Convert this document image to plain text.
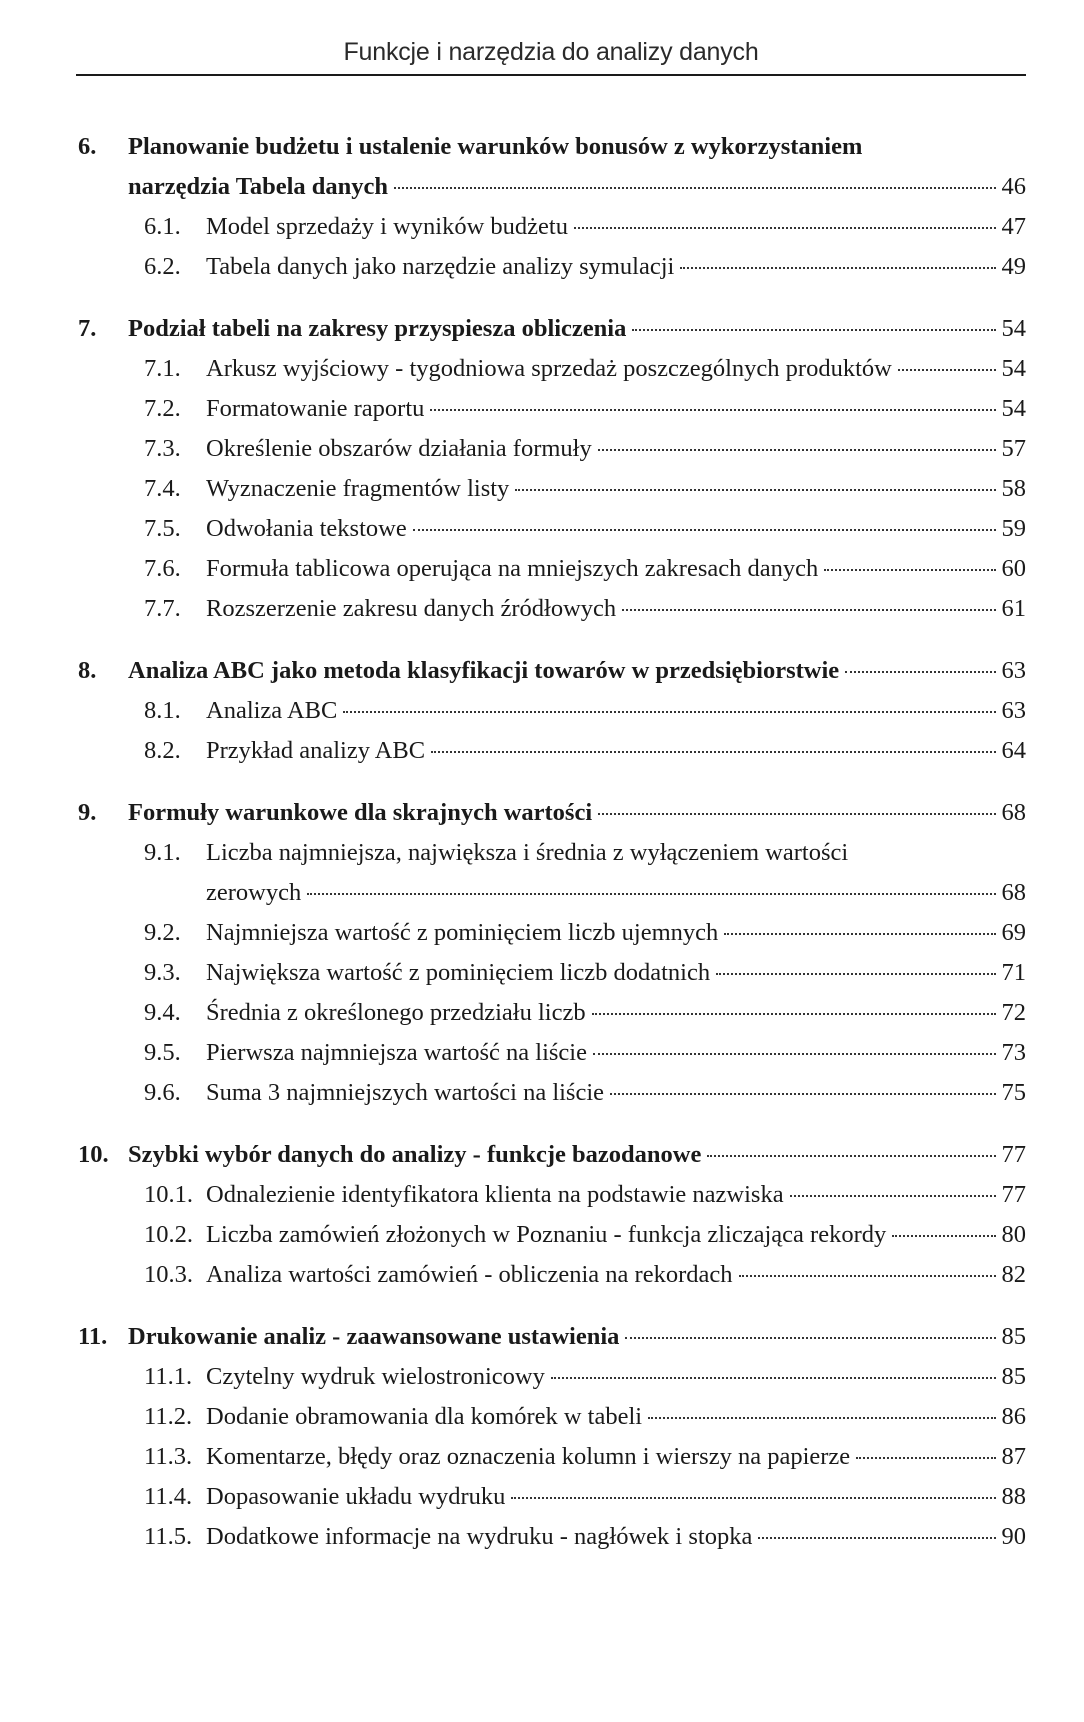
Funkcje i narzędzia do analizy danych
6.	Planowanie budżetu i ustalenie warunków bonusów z wykorzystaniem
narzędzia Tabela danych	46
6.1.	Model sprzedaży i wyników budżetu	47
6.2.	Tabela danych jako narzędzie analizy symulacji	49
7.	Podział tabeli na zakresy przyspiesza obliczenia	54
7.1.	Arkusz wyjściowy - tygodniowa sprzedaż poszczególnych produktów	54
7.2.	Formatowanie raportu	54
7.3.	Określenie obszarów działania formuły	57
7.4.	Wyznaczenie fragmentów listy	58
7.5.	Odwołania tekstowe	59
7.6.	Formuła tablicowa operująca na mniejszych zakresach danych	60
7.7.	Rozszerzenie zakresu danych źródłowych	61
8.	Analiza ABC jako metoda klasyfikacji towarów w przedsiębiorstwie	63
8.1.	Analiza ABC	63
8.2.	Przykład analizy ABC	64
9.	Formuły warunkowe dla skrajnych wartości	68
9.1.	Liczba najmniejsza, największa i średnia z wyłączeniem wartości
zerowych	68
9.2.	Najmniejsza wartość z pominięciem liczb ujemnych	69
9.3.	Największa wartość z pominięciem liczb dodatnich	71
9.4.	Średnia z określonego przedziału liczb	72
9.5.	Pierwsza najmniejsza wartość na liście	73
9.6.	Suma 3 najmniejszych wartości na liście	75
10. Szybki wybór danych do analizy - funkcje bazodanowe	77
10.1. Odnalezienie identyfikatora klienta na podstawie nazwiska	77
10.2. Liczba zamówień złożonych w Poznaniu - funkcja zliczająca rekordy	80
10.3. Analiza wartości zamówień - obliczenia na rekordach	82
11. Drukowanie analiz - zaawansowane ustawienia	85
11.1. Czytelny wydruk wielostronicowy	85
11.2. Dodanie obramowania dla komórek w tabeli	86
11.3. Komentarze, błędy oraz oznaczenia kolumn i wierszy na papierze	87
11.4. Dopasowanie układu wydruku	88
11.5. Dodatkowe informacje na wydruku - nagłówek i stopka	90
